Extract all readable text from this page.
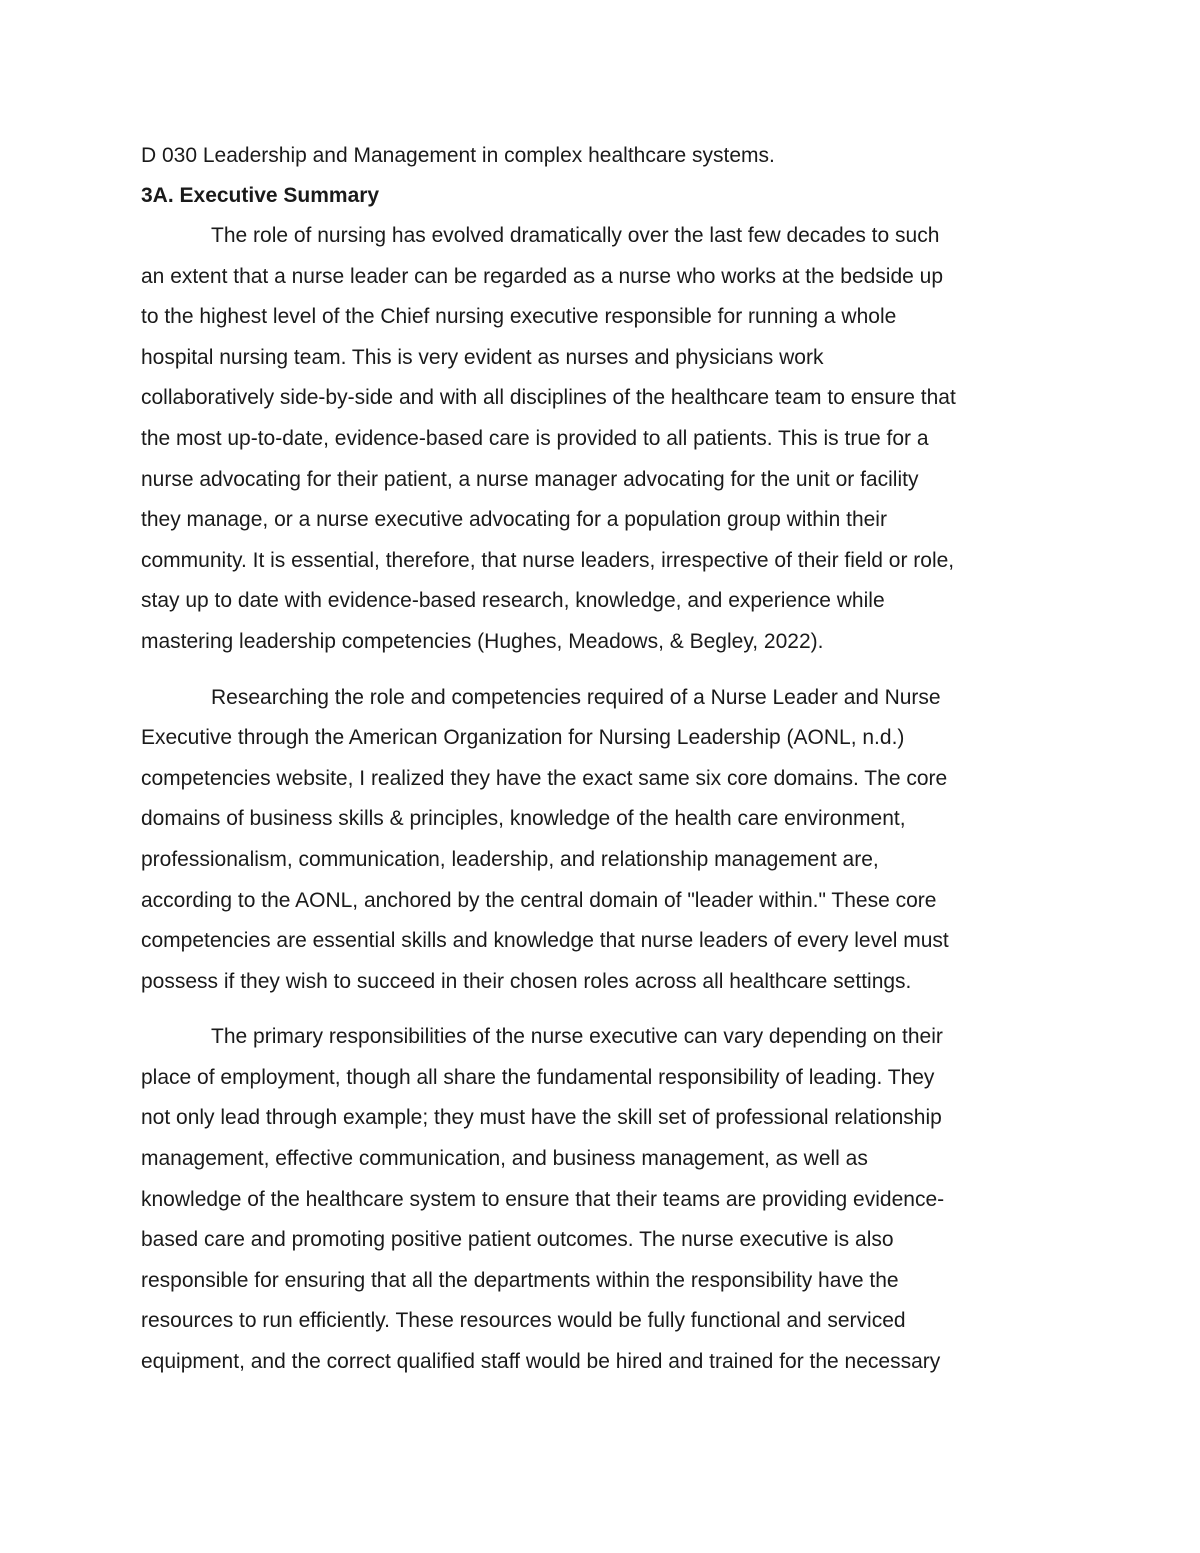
D 030 Leadership and Management in complex healthcare systems.
3A. Executive Summary
The role of nursing has evolved dramatically over the last few decades to such
an extent that a nurse leader can be regarded as a nurse who works at the bedside up
to the highest level of the Chief nursing executive responsible for running a whole
hospital nursing team. This is very evident as nurses and physicians work
collaboratively side-by-side and with all disciplines of the healthcare team to ensure that
the most up-to-date, evidence-based care is provided to all patients. This is true for a
nurse advocating for their patient, a nurse manager advocating for the unit or facility
they manage, or a nurse executive advocating for a population group within their
community. It is essential, therefore, that nurse leaders, irrespective of their field or role,
stay up to date with evidence-based research, knowledge, and experience while
mastering leadership competencies (Hughes, Meadows, & Begley, 2022).
Researching the role and competencies required of a Nurse Leader and Nurse
Executive through the American Organization for Nursing Leadership (AONL, n.d.)
competencies website, I realized they have the exact same six core domains. The core
domains of business skills & principles, knowledge of the health care environment,
professionalism, communication, leadership, and relationship management are,
according to the AONL, anchored by the central domain of "leader within." These core
competencies are essential skills and knowledge that nurse leaders of every level must
possess if they wish to succeed in their chosen roles across all healthcare settings.
The primary responsibilities of the nurse executive can vary depending on their
place of employment, though all share the fundamental responsibility of leading. They
not only lead through example; they must have the skill set of professional relationship
management, effective communication, and business management, as well as
knowledge of the healthcare system to ensure that their teams are providing evidence-
based care and promoting positive patient outcomes. The nurse executive is also
responsible for ensuring that all the departments within the responsibility have the
resources to run efficiently. These resources would be fully functional and serviced
equipment, and the correct qualified staff would be hired and trained for the necessary
